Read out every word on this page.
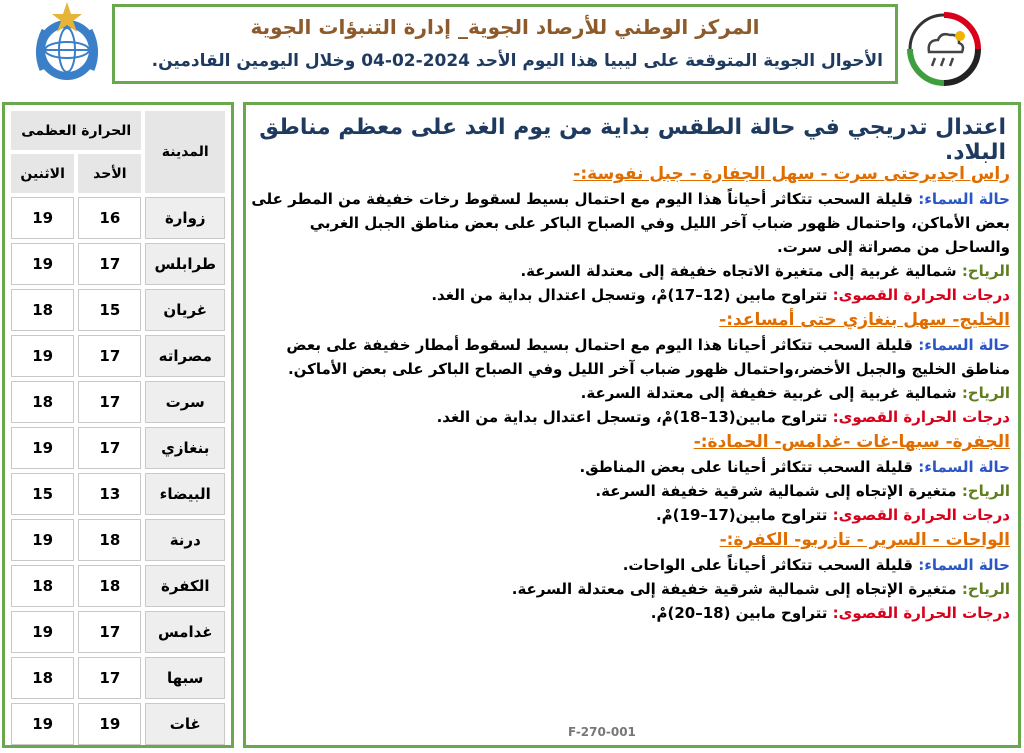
المركز الوطني للأرصاد الجوية_ إدارة التنبؤات الجوية
الأحوال الجوية المتوقعة على ليبيا هذا اليوم الأحد 2024-02-04 وخلال اليومين القادمين.
المدينة	الحرارة العظمى	
	الأحد	الاثنين
زوارة	16	19
طرابلس	17	19
غريان	15	18
مصراته	17	19
سرت	17	18
بنغازي	17	19
البيضاء	13	15
درنة	18	19
الكفرة	18	18
غدامس	17	19
سبها	17	18
غات	19	19
اعتدال تدريجي في حالة الطقس بداية من يوم الغد على معظم مناطق البلاد.
راس اجديرحتى سرت - سهل الجفارة - جبل نفوسة:-
حالة السماء: قليلة السحب تتكاثر أحياناً هذا اليوم مع احتمال بسيط لسقوط رخات خفيفة من المطر على بعض الأماكن، واحتمال ظهور ضباب آخر الليل وفي الصباح الباكر على بعض مناطق الجبل الغربي والساحل من مصراتة إلى سرت.
الرياح: شمالية غربية إلى متغيرة الاتجاه خفيفة إلى معتدلة السرعة.
درجات الحرارة القصوى: تتراوح مابين (12–17)مْ، وتسجل اعتدال بداية من الغد.
الخليج- سهل بنغازي حتى أمساعد:-
حالة السماء: قليلة السحب تتكاثر أحيانا هذا اليوم مع احتمال بسيط لسقوط أمطار خفيفة على بعض مناطق الخليج والجبل الأخضر،واحتمال ظهور ضباب آخر الليل وفي الصباح الباكر على بعض الأماكن.
الرياح: شمالية غربية إلى غربية خفيفة إلى معتدلة السرعة.
درجات الحرارة القصوى: تتراوح مابين(13–18)مْ، وتسجل اعتدال بداية من الغد.
الجفرة- سبها-غات -غدامس- الحمادة:-
حالة السماء: قليلة السحب تتكاثر أحيانا على بعض المناطق.
الرياح: متغيرة الإتجاه إلى شمالية شرقية خفيفة السرعة.
درجات الحرارة القصوى: تتراوح مابين(17–19)مْ.
الواحات - السرير - تازربو- الكفرة:-
حالة السماء: قليلة السحب تتكاثر أحياناً على الواحات.
الرياح: متغيرة الإتجاه إلى شمالية شرقية خفيفة إلى معتدلة السرعة.
درجات الحرارة القصوى: تتراوح مابين (18–20)مْ.
F-270-001
